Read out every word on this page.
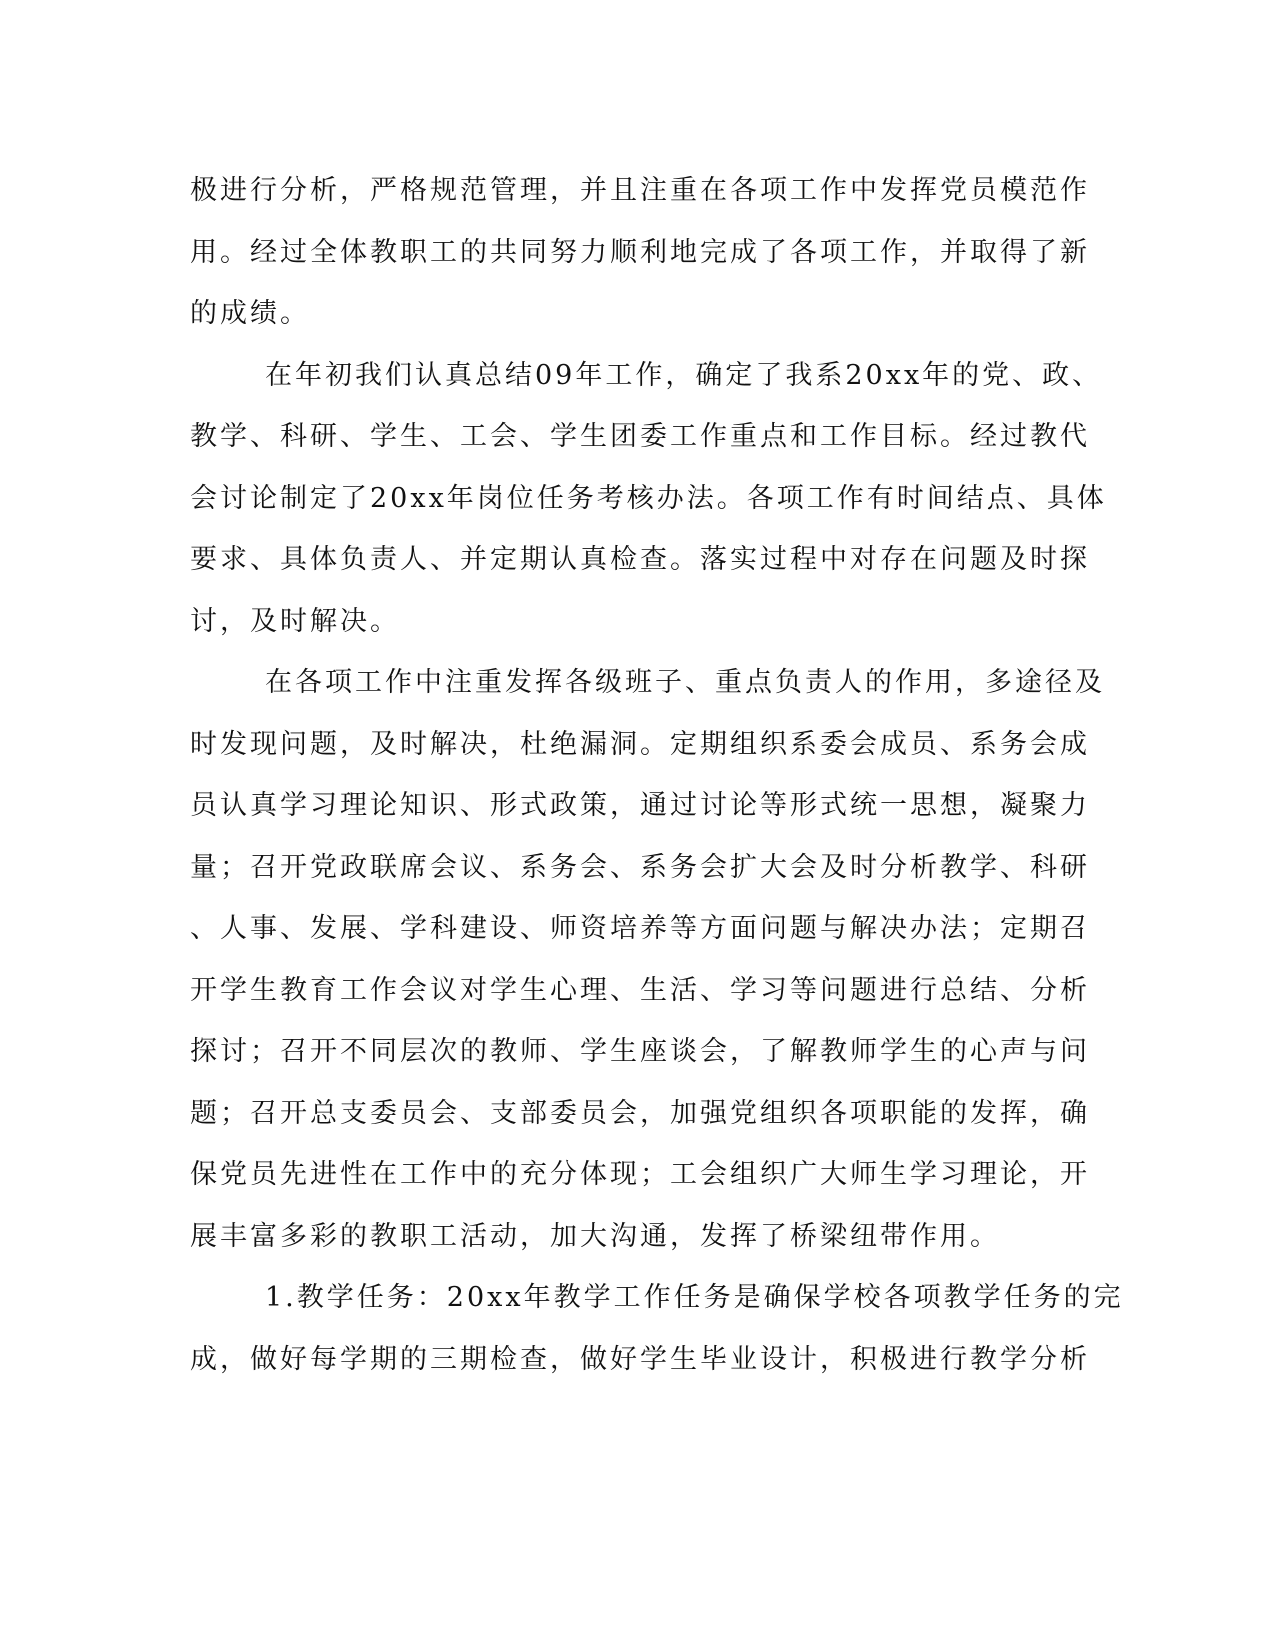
极进行分析，严格规范管理，并且注重在各项工作中发挥党员模范作
用。经过全体教职工的共同努力顺利地完成了各项工作，并取得了新
的成绩。
在年初我们认真总结09年工作，确定了我系20xx年的党、政、
教学、科研、学生、工会、学生团委工作重点和工作目标。经过教代
会讨论制定了20xx年岗位任务考核办法。各项工作有时间结点、具体
要求、具体负责人、并定期认真检查。落实过程中对存在问题及时探
讨，及时解决。
在各项工作中注重发挥各级班子、重点负责人的作用，多途径及
时发现问题，及时解决，杜绝漏洞。定期组织系委会成员、系务会成
员认真学习理论知识、形式政策，通过讨论等形式统一思想，凝聚力
量；召开党政联席会议、系务会、系务会扩大会及时分析教学、科研
、人事、发展、学科建设、师资培养等方面问题与解决办法；定期召
开学生教育工作会议对学生心理、生活、学习等问题进行总结、分析
探讨；召开不同层次的教师、学生座谈会，了解教师学生的心声与问
题；召开总支委员会、支部委员会，加强党组织各项职能的发挥，确
保党员先进性在工作中的充分体现；工会组织广大师生学习理论，开
展丰富多彩的教职工活动，加大沟通，发挥了桥梁纽带作用。
1.教学任务：20xx年教学工作任务是确保学校各项教学任务的完
成，做好每学期的三期检查，做好学生毕业设计，积极进行教学分析
